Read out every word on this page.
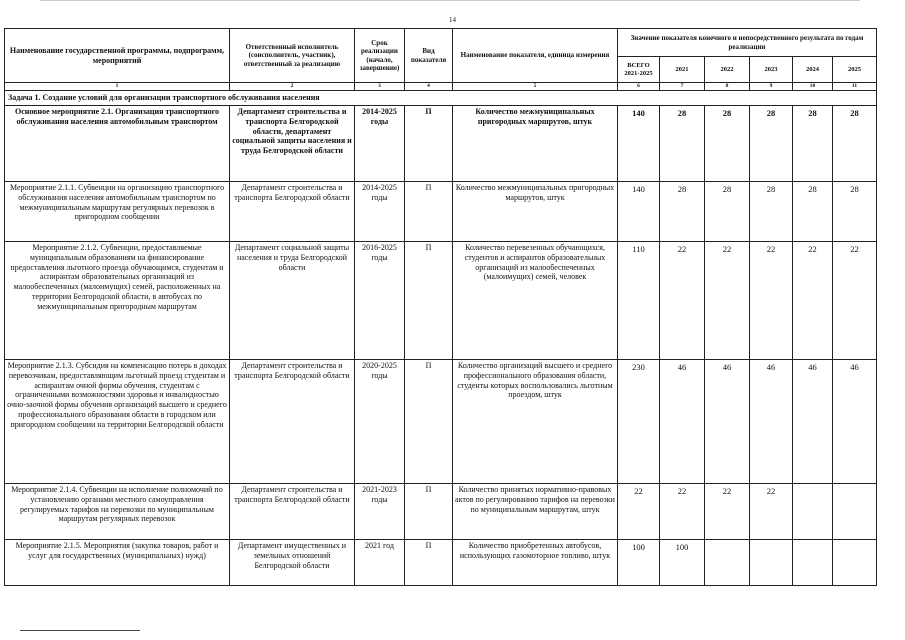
14
Наименование государственной программы, подпрограмм, мероприятий	Ответственный исполнитель (соисполнитель, участник), ответственный за реализацию	Срок реализации (начало, завершение)	Вид показателя	Наименование показателя, единица измерения	Значение показателя конечного и непосредственного результата по годам реализации					
					ВСЕГО 2021-2025	2021	2022	2023	2024	2025
1	2	3	4	5	6	7	8	9	10	11
Задача 1. Создание условий для организации транспортного обслуживания населения										
Основное мероприятие 2.1. Организация транспортного обслуживания населения автомобильным транспортом	Департамент строительства и транспорта Белгородской области, департамент социальной защиты населения и труда Белгородской области	2014-2025 годы	П	Количество межмуниципальных пригородных маршрутов, штук	140	28	28	28	28	28
Мероприятие 2.1.1. Субвенции на организацию транспортного обслуживания населения автомобильным транспортом по межмуниципальным маршрутам регулярных перевозок в пригородном сообщении	Департамент строительства и транспорта Белгородской области	2014-2025 годы	П	Количество межмуниципальных пригородных маршрутов, штук	140	28	28	28	28	28
Мероприятие 2.1.2. Субвенции, предоставляемые муниципальным образованиям на финансирование предоставления льготного проезда обучающимся, студентам и аспирантам образовательных организаций из малообеспеченных (малоимущих) семей, расположенных на территории Белгородской области, в автобусах по межмуниципальным пригородным маршрутам	Департамент социальной защиты населения и труда Белгородской области	2016-2025 годы	П	Количество перевезенных обучающихся, студентов и аспирантов образовательных организаций из малообеспеченных (малоимущих) семей, человек	110	22	22	22	22	22
Мероприятие 2.1.3. Субсидия на компенсацию потерь в доходах перевозчикам, предоставляющим льготный проезд студентам и аспирантам очной формы обучения, студентам с ограниченными возможностями здоровья и инвалидностью очно-заочной формы обучения организаций высшего и среднего профессионального образования области в городском или пригородном сообщении на территории Белгородской области	Департамент строительства и транспорта Белгородской области	2020-2025 годы	П	Количество организаций высшего и среднего профессионального образования области, студенты которых воспользовались льготным проездом, штук	230	46	46	46	46	46
Мероприятие 2.1.4. Субвенции на исполнение полномочий по установлению органами местного самоуправления регулируемых тарифов на перевозки по муниципальным маршрутам регулярных перевозок	Департамент строительства и транспорта Белгородской области	2021-2023 годы	П	Количество принятых нормативно-правовых актов по регулированию тарифов на перевозки по муниципальным маршрутам, штук	22	22	22	22		
Мероприятие 2.1.5. Мероприятия (закупка товаров, работ и услуг для государственных (муниципальных) нужд)	Департамент имущественных и земельных отношений Белгородской области	2021 год	П	Количество приобретенных автобусов, использующих газомоторное топливо, штук	100	100				
